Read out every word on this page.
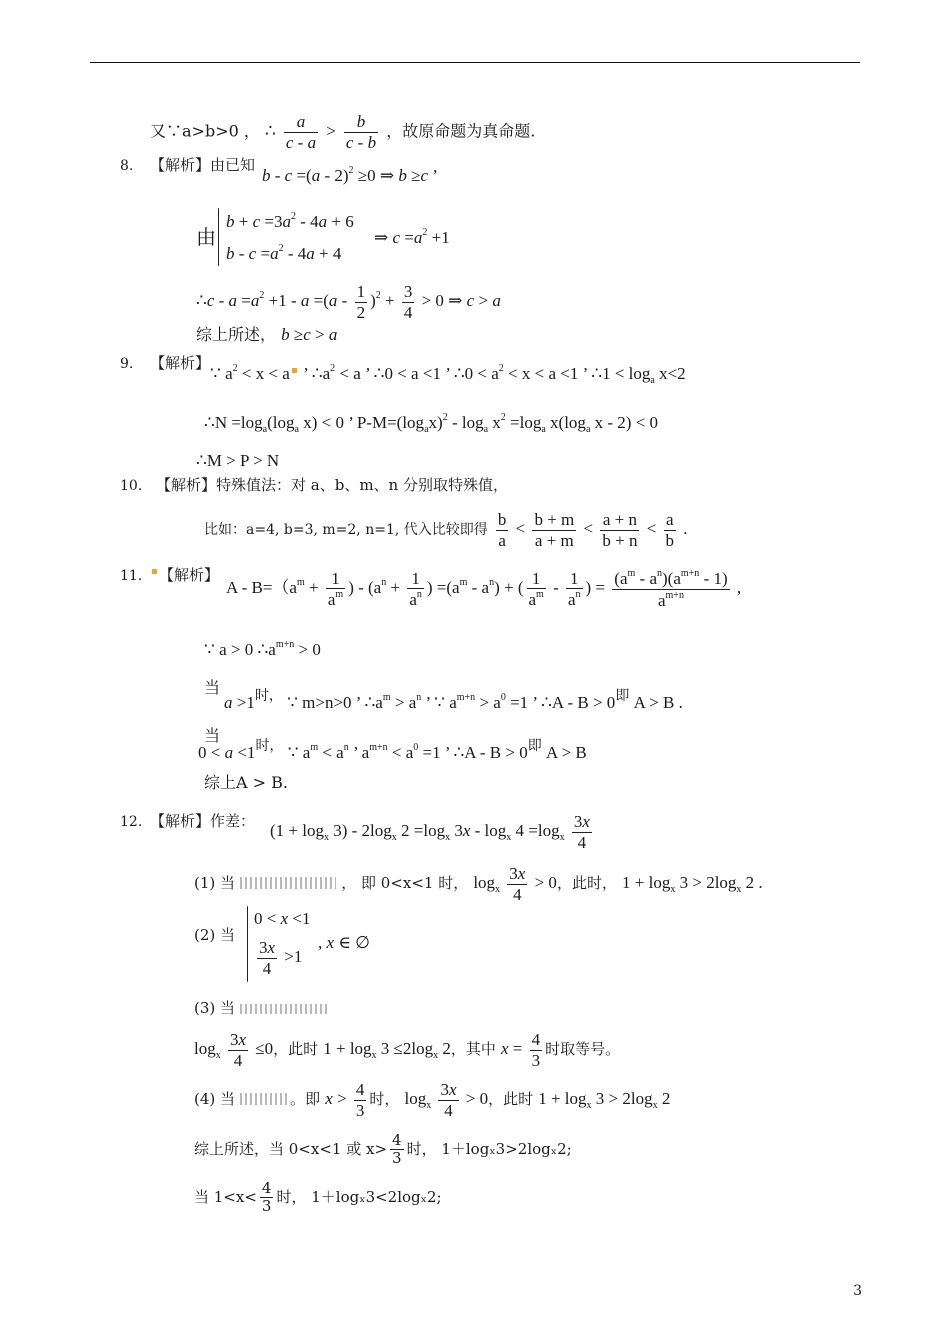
又∵a>b>0 ， ∴ $\frac{a}{c - a} > \frac{b}{c - b}$ ，故原命题为真命题.
8. 【解析】由已知
b - c =(a - 2)$^2$ ≥0 ⇒ b ≥c ’
由
$b + c =3a^2 - 4a + 6$
$b - c =a^2 - 4a + 4$
⇒ $c =a^2 +1$
∴c - $a =a^2 +1 - a =(a - \frac{1}{2} )^2 + \frac{3}{4} > 0$ ⇒ c > a
综上所述， b ≥c > a
9. 【解析】
∵ $a^2 < x < a$ ’ $\therefore a^2 < a$ ’ ∴0 < a <1 ’ ∴0 < $a^2 < x < a <1$ ’ ∴1 < $\log_a x<2$
∴N $=\log_a(\log_a$ x) < 0 ’ $P-M=(\log_ax)^2 - \log_a x^2 =\log_a$ $x(\log_a$ x - 2) < 0
∴M > P > N
10. 【解析】特殊值法：对 a、b、m、n 分别取特殊值，
比如：a=4, b=3, m=2, n=1, 代入比较即得 $\frac{b}{a} < \frac{b + m}{a + m} < \frac{a + n}{b + n} < \frac{a}{b}$ .
11.	【解析】
$A - B=(a^m + \frac{1}{a^m}$ ) - ($a^n + \frac{1}{a^n}$ ) $=(a^m - a^n)$ + ( $\frac{1}{a^m} - \frac{1}{a^n}$ ) = $\frac{(a^m - a^n)(a^{m+n} - 1)}{a^{m+n}}$ ,
∵ a > 0 $\therefore a^{m+n} > 0$
当
$a >1^{时,}$ ∵ m>n>0 ’ $\therefore a^m > a^n$ ’ ∵ $a^{m+n} > a^0 =1$ ’ ∴A - $B > 0^即$ A > B .
当
$0 < a <1^{时,}$ ∵ $a^m < a^n$ ’ $a^{m+n} < a^0 =1$ ’ ∴A - $B > 0^即$ A > B
综上A > B.
12. 【解析】作差： $(1 + \log_x 3) - 2\log_x$ $2 =\log_x$ $3x - \log_x 4 =\log_x \frac{3x}{4}$
(1) 当	， 即 0<x<1 时， $\log_x \frac{3x}{4} > 0$，此时， $1 + \log_x 3 > 2\log_x$ 2 .
(2) 当
0 < x <1
$\frac{3x}{4} >1$
, x ∈ ∅
(3) 当
$\log_x \frac{3x}{4} \le 0$，此时 $1 + \log_x 3 \le 2\log_x$ 2，其中 $x = \frac{4}{3}$ 时取等号。
(4) 当	。即 $x > \frac{4}{3}$ 时， $\log_x \frac{3x}{4} > 0$，此时 $1 + \log_x 3 > 2\log_x$ 2
综上所述，当 0<x<1 或 $x> \frac{4}{3}$ 时， 1＋logₓ3>2logₓ2;
当 $1<x< \frac{4}{3}$ 时， 1＋logₓ3<2logₓ2;
3
